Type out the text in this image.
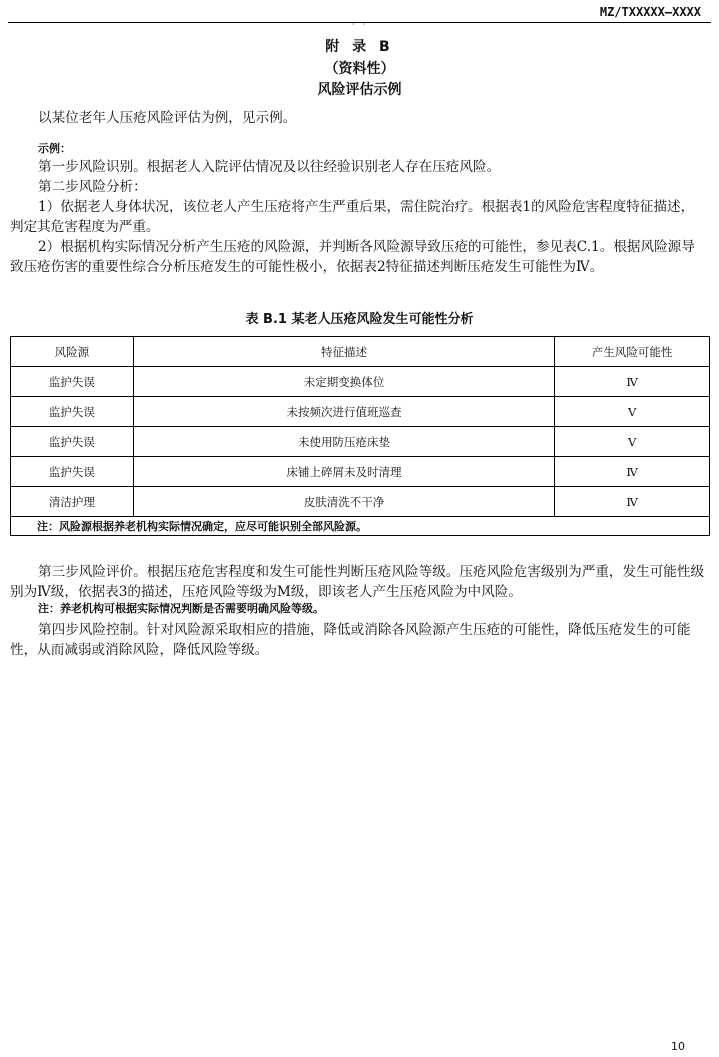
MZ/TXXXXX—XXXX
··
附 录 B
（资料性）
风险评估示例
以某位老年人压疮风险评估为例，见示例。
示例：
第一步风险识别。根据老人入院评估情况及以往经验识别老人存在压疮风险。
第二步风险分析：
1）依据老人身体状况，该位老人产生压疮将产生严重后果，需住院治疗。根据表1的风险危害程度特征描述，判定其危害程度为严重。
2）根据机构实际情况分析产生压疮的风险源，并判断各风险源导致压疮的可能性，参见表C.1。根据风险源导致压疮伤害的重要性综合分析压疮发生的可能性极小，依据表2特征描述判断压疮发生可能性为Ⅳ。
表 B.1 某老人压疮风险发生可能性分析
风险源	特征描述	产生风险可能性
监护失误	未定期变换体位	Ⅳ
监护失误	未按频次进行值班巡查	Ⅴ
监护失误	未使用防压疮床垫	Ⅴ
监护失误	床铺上碎屑未及时清理	Ⅳ
清洁护理	皮肤清洗不干净	Ⅳ
注：风险源根据养老机构实际情况确定，应尽可能识别全部风险源。		
第三步风险评价。根据压疮危害程度和发生可能性判断压疮风险等级。压疮风险危害级别为严重，发生可能性级别为Ⅳ级，依据表3的描述，压疮风险等级为M级，即该老人产生压疮风险为中风险。
注：养老机构可根据实际情况判断是否需要明确风险等级。
第四步风险控制。针对风险源采取相应的措施，降低或消除各风险源产生压疮的可能性，降低压疮发生的可能性，从而减弱或消除风险，降低风险等级。
10
